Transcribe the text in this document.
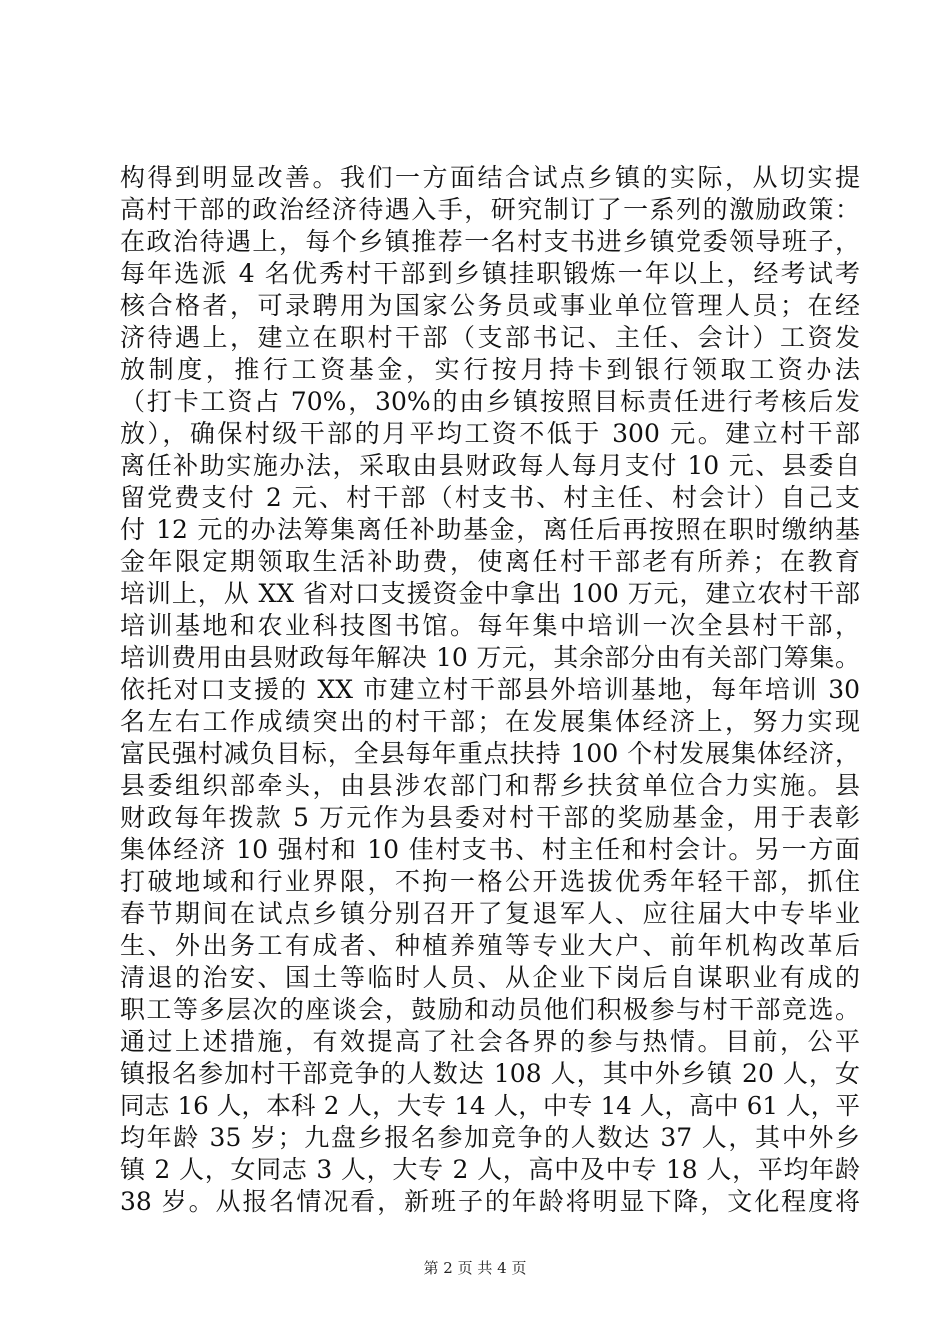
构得到明显改善。我们一方面结合试点乡镇的实际，从切实提
高村干部的政治经济待遇入手，研究制订了一系列的激励政策：
在政治待遇上，每个乡镇推荐一名村支书进乡镇党委领导班子，
每年选派 4 名优秀村干部到乡镇挂职锻炼一年以上，经考试考
核合格者，可录聘用为国家公务员或事业单位管理人员；在经
济待遇上，建立在职村干部（支部书记、主任、会计）工资发
放制度，推行工资基金，实行按月持卡到银行领取工资办法
（打卡工资占 70%，30%的由乡镇按照目标责任进行考核后发
放），确保村级干部的月平均工资不低于 300 元。建立村干部
离任补助实施办法，采取由县财政每人每月支付 10 元、县委自
留党费支付 2 元、村干部（村支书、村主任、村会计）自己支
付 12 元的办法筹集离任补助基金，离任后再按照在职时缴纳基
金年限定期领取生活补助费，使离任村干部老有所养；在教育
培训上，从 XX 省对口支援资金中拿出 100 万元，建立农村干部
培训基地和农业科技图书馆。每年集中培训一次全县村干部，
培训费用由县财政每年解决 10 万元，其余部分由有关部门筹集。
依托对口支援的 XX 市建立村干部县外培训基地，每年培训 30
名左右工作成绩突出的村干部；在发展集体经济上，努力实现
富民强村减负目标，全县每年重点扶持 100 个村发展集体经济，
县委组织部牵头，由县涉农部门和帮乡扶贫单位合力实施。县
财政每年拨款 5 万元作为县委对村干部的奖励基金，用于表彰
集体经济 10 强村和 10 佳村支书、村主任和村会计。另一方面
打破地域和行业界限，不拘一格公开选拔优秀年轻干部，抓住
春节期间在试点乡镇分别召开了复退军人、应往届大中专毕业
生、外出务工有成者、种植养殖等专业大户、前年机构改革后
清退的治安、国土等临时人员、从企业下岗后自谋职业有成的
职工等多层次的座谈会，鼓励和动员他们积极参与村干部竞选。
通过上述措施，有效提高了社会各界的参与热情。目前，公平
镇报名参加村干部竞争的人数达 108 人，其中外乡镇 20 人，女
同志 16 人，本科 2 人，大专 14 人，中专 14 人，高中 61 人，平
均年龄 35 岁；九盘乡报名参加竞争的人数达 37 人，其中外乡
镇 2 人，女同志 3 人，大专 2 人，高中及中专 18 人，平均年龄
38 岁。从报名情况看，新班子的年龄将明显下降，文化程度将
第 2 页 共 4 页
